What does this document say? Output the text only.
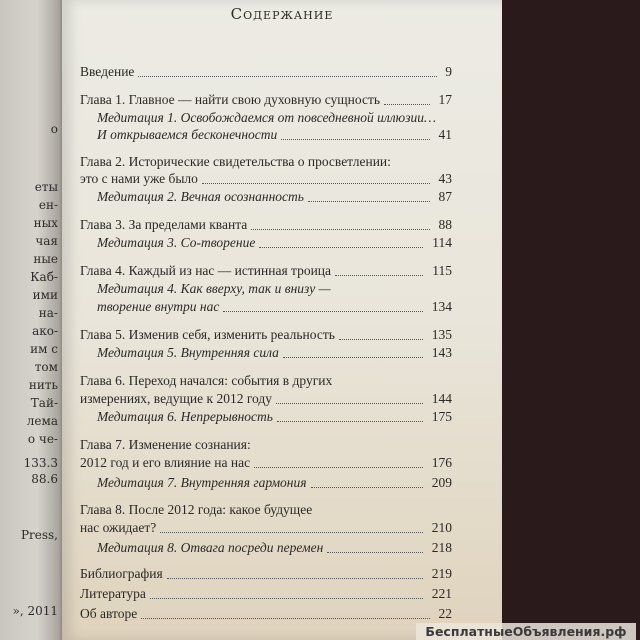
о
еты
ен-
ных
чая
ные
Каб-
ими
на-
ако-
им с
том
нить
Тай-
лема
о че-
133.3
88.6
Press,
», 2011
Содержание
Введение	9
Глава 1. Главное — найти свою духовную сущность	17
Медитация 1. Освобождаемся от повседневной иллюзии…
И открываемся бесконечности	41
Глава 2. Исторические свидетельства о просветлении:
это с нами уже было	43
Медитация 2. Вечная осознанность	87
Глава 3. За пределами кванта	88
Медитация 3. Со-творение	114
Глава 4. Каждый из нас — истинная троица	115
Медитация 4. Как вверху, так и внизу —
творение внутри нас	134
Глава 5. Изменив себя, изменить реальность	135
Медитация 5. Внутренняя сила	143
Глава 6. Переход начался: события в других
измерениях, ведущие к 2012 году	144
Медитация 6. Непрерывность	175
Глава 7. Изменение сознания:
2012 год и его влияние на нас	176
Медитация 7. Внутренняя гармония	209
Глава 8. После 2012 года: какое будущее
нас ожидает?	210
Медитация 8. Отвага посреди перемен	218
Библиография	219
Литература	221
Об авторе	22
БесплатныеОбъявления.рф
